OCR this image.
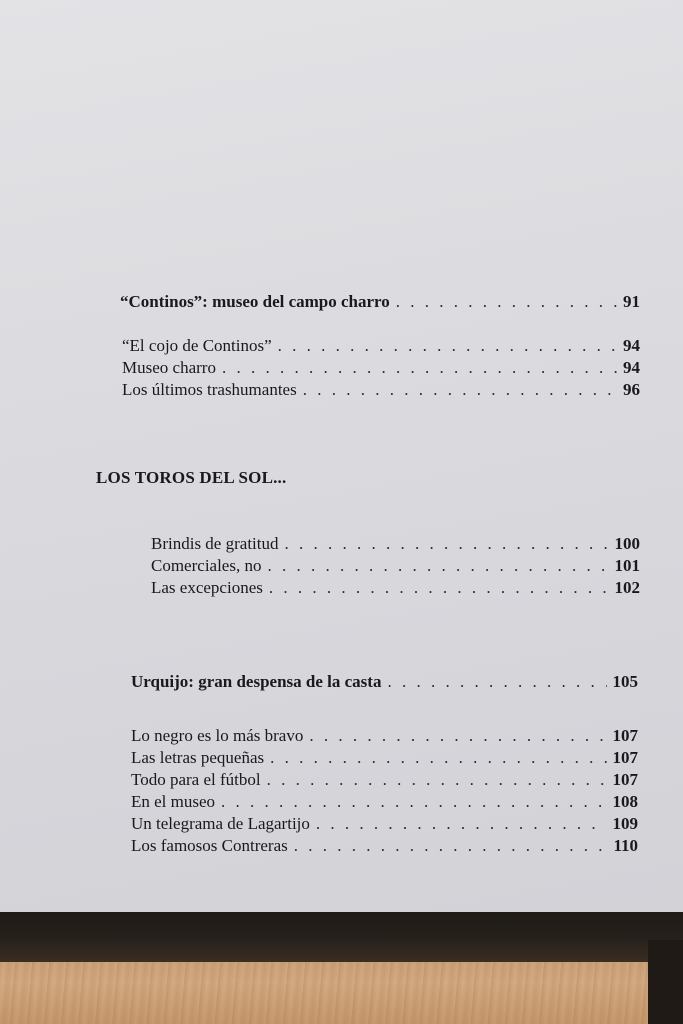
“Continos”: museo del campo charro . . .	91
“El cojo de Continos” . . .	94
Museo charro . . .	94
Los últimos trashumantes . . .	96
LOS TOROS DEL SOL...
Brindis de gratitud . . .	100
Comerciales, no . . .	101
Las excepciones . . .	102
Urquijo: gran despensa de la casta . . .	105
Lo negro es lo más bravo . . .	107
Las letras pequeñas . . .	107
Todo para el fútbol . . .	107
En el museo . . .	108
Un telegrama de Lagartijo . . .	109
Los famosos Contreras . . .	110
